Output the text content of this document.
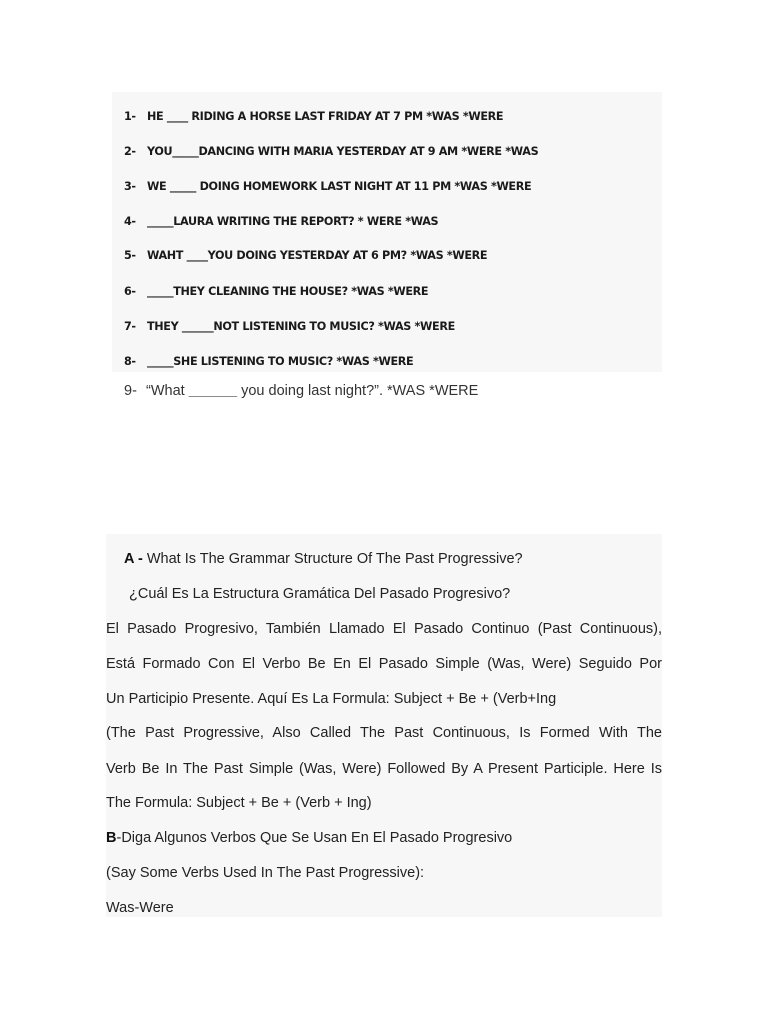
1- HE ____ RIDING A HORSE LAST FRIDAY AT 7 PM *WAS *WERE
2- YOU_____DANCING WITH MARIA YESTERDAY AT 9 AM *WERE *WAS
3- WE _____ DOING HOMEWORK LAST NIGHT AT 11 PM *WAS *WERE
4- _____LAURA WRITING THE REPORT? * WERE *WAS
5- WAHT ____YOU DOING YESTERDAY AT 6 PM? *WAS *WERE
6- _____THEY CLEANING THE HOUSE? *WAS *WERE
7- THEY ______NOT LISTENING TO MUSIC? *WAS *WERE
8- _____SHE LISTENING TO MUSIC? *WAS *WERE
9- “What ______ you doing last night?”. *WAS *WERE
A - What Is The Grammar Structure Of The Past Progressive?
¿Cuál Es La Estructura Gramática Del Pasado Progresivo?
El Pasado Progresivo, También Llamado El Pasado Continuo (Past Continuous),
Está Formado Con El Verbo Be En El Pasado Simple (Was, Were) Seguido Por
Un Participio Presente. Aquí Es La Formula: Subject + Be + (Verb+Ing
(The Past Progressive, Also Called The Past Continuous, Is Formed With The
Verb Be In The Past Simple (Was, Were) Followed By A Present Participle. Here Is
The Formula: Subject + Be + (Verb + Ing)
B-Diga Algunos Verbos Que Se Usan En El Pasado Progresivo
(Say Some Verbs Used In The Past Progressive):
Was-Were
